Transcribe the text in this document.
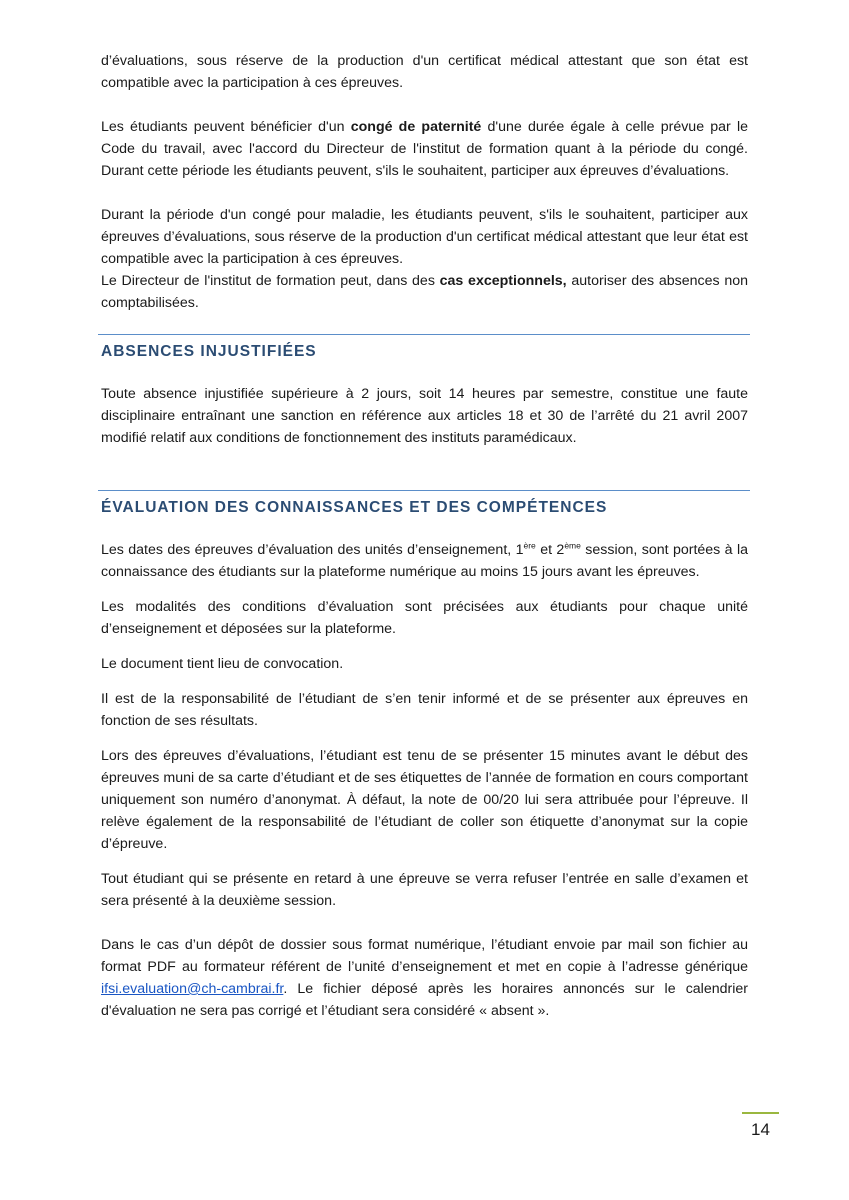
d’évaluations, sous réserve de la production d'un certificat médical attestant que son état est compatible avec la participation à ces épreuves.

Les étudiants peuvent bénéficier d'un congé de paternité d'une durée égale à celle prévue par le Code du travail, avec l'accord du Directeur de l'institut de formation quant à la période du congé. Durant cette période les étudiants peuvent, s'ils le souhaitent, participer aux épreuves d’évaluations.

Durant la période d'un congé pour maladie, les étudiants peuvent, s'ils le souhaitent, participer aux épreuves d’évaluations, sous réserve de la production d'un certificat médical attestant que leur état est compatible avec la participation à ces épreuves.

Le Directeur de l'institut de formation peut, dans des cas exceptionnels, autoriser des absences non comptabilisées.

ABSENCES INJUSTIFIÉES

Toute absence injustifiée supérieure à 2 jours, soit 14 heures par semestre, constitue une faute disciplinaire entraînant une sanction en référence aux articles 18 et 30 de l’arrêté du 21 avril 2007 modifié relatif aux conditions de fonctionnement des instituts paramédicaux.

ÉVALUATION DES CONNAISSANCES ET DES COMPÉTENCES

Les dates des épreuves d’évaluation des unités d’enseignement, 1ère et 2ème session, sont portées à la connaissance des étudiants sur la plateforme numérique au moins 15 jours avant les épreuves.

Les modalités des conditions d’évaluation sont précisées aux étudiants pour chaque unité d’enseignement et déposées sur la plateforme.

Le document tient lieu de convocation.

Il est de la responsabilité de l’étudiant de s’en tenir informé et de se présenter aux épreuves en fonction de ses résultats.

Lors des épreuves d’évaluations, l’étudiant est tenu de se présenter 15 minutes avant le début des épreuves muni de sa carte d’étudiant et de ses étiquettes de l’année de formation en cours comportant uniquement son numéro d’anonymat. À défaut, la note de 00/20 lui sera attribuée pour l’épreuve. Il relève également de la responsabilité de l’étudiant de coller son étiquette d’anonymat sur la copie d’épreuve.

Tout étudiant qui se présente en retard à une épreuve se verra refuser l’entrée en salle d’examen et sera présenté à la deuxième session.

Dans le cas d’un dépôt de dossier sous format numérique, l’étudiant envoie par mail son fichier au format PDF au formateur référent de l’unité d’enseignement et met en copie à l’adresse générique ifsi.evaluation@ch-cambrai.fr. Le fichier déposé après les horaires annoncés sur le calendrier d'évaluation ne sera pas corrigé et l’étudiant sera considéré « absent ».

14
